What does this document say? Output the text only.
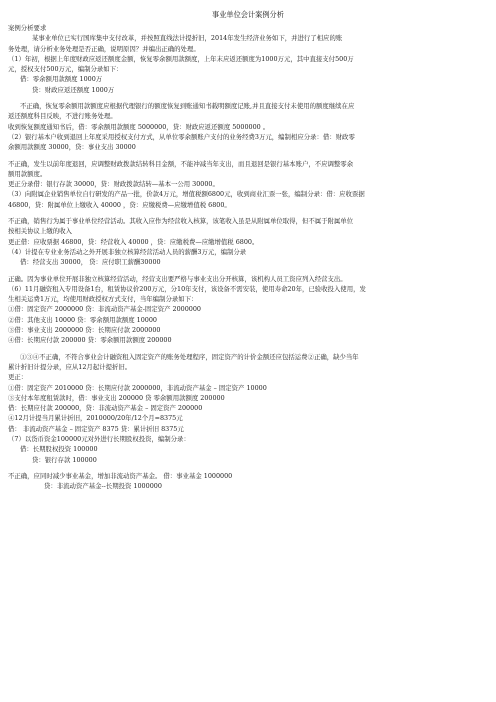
事业单位会计案例分析
案例分析要求
某事业单位已实行国库集中支付改革，并按照直线法计提折旧，2014年发生经济业务如下，并进行了相应的账
务处理，请分析业务处理是否正确，说明原因？并编出正确的处理。
（1）年初，根据上年度财政应返还额度金额，恢复零余额用款额度，上年末应返还额度为1000万元，其中直接支付500万
元，授权支付500万元，编制分录如下：
借：零余额用款额度 1000万
贷：财政应返还额度 1000万
不正确，恢复零余额用款额度应根据代理银行的额度恢复到账通知书载明额度记账,并且直接支付未使用的额度继续在应
返还额度科目反映，不进行账务处理。
收到恢复额度通知书后，借：零余额用款额度 5000000，贷：财政应返还额度 5000000 。
（2）银行基本户收到退回上年度采用授权支付方式，从单位零余额账户支付的业务经费3万元，编制相应分录：借：财政零
余额用款额度 30000，贷：事业支出 30000
不正确，发生以前年度退回，应调整财政拨款结转科目金额，不能冲减当年支出，而且退回是银行基本账户，不应调整零余
额用款额度。
更正分录借：银行存款 30000，贷：财政拨款结转—基本一公用 30000。
（3）向附属企业销售单位自行研发的产品一批，价款4万元，增值税额6800元，收到商业汇票一张，编制分录：借：应收票据
46800，贷：附属单位上缴收入 40000 ，贷：应缴税费—应缴增值税 6800。
不正确，销售行为属于事业单位经营活动。其收入应作为经营收入核算，该笔收入虽是从附属单位取得，但不属于附属单位
按相关协议上缴的收入
更正借：应收票据 46800，贷：经营收入 40000 ，贷：应缴税费—应缴增值税 6800。
（4）计提在专业业务活动之外开展非独立核算经营活动人员的薪酬3万元，编制分录
借：经营支出 30000， 贷：应付职工薪酬30000
正确。因为事业单位开展非独立核算经营活动，经营支出要严格与事业支出分开核算，该机构人员工资应列入经营支出。
（6）11月融资租入专用设备1台，租赁协议价200万元，分10年支付，该设备不需安装，使用寿命20年，已验收投入使用，发
生相关运费1万元，均使用财政授权方式支付，当年编制分录如下：
①借：固定资产 2000000 贷：非流动资产基金-固定资产 2000000
②借：其他支出 10000 贷：零余额用款额度 10000
③借：事业支出 2000000 贷：长期应付款 2000000
④借：长期应付款 200000 贷：零余额用款额度 200000
①③④不正确，不符合事业会计融资租入固定资产的账务处理程序，固定资产的计价金额还应包括运费②正确，缺少当年
累计折旧计提分录，应从12月起计提折旧。
更正：
①借：固定资产 2010000 贷：长期应付款 2000000，非流动资产基金 – 固定资产 10000
③支付本年度租赁款时，借：事业支出 200000 贷 零余额用款额度 200000
借：长期应付款 200000，贷：非流动资产基金 – 固定资产 200000
④12月计提当月累计折旧，2010000/20年/12个月=8375元
借： 非流动资产基金 – 固定资产 8375 贷：累计折旧 8375元
（7）以货币资金100000元对外进行长期股权投资，编制分录：
借：长期股权投资 100000
贷：银行存款 100000
不正确，应同时减少事业基金，增加非流动资产基金。 借：事业基金 1000000
贷：非流动资产基金--长期投资 1000000
